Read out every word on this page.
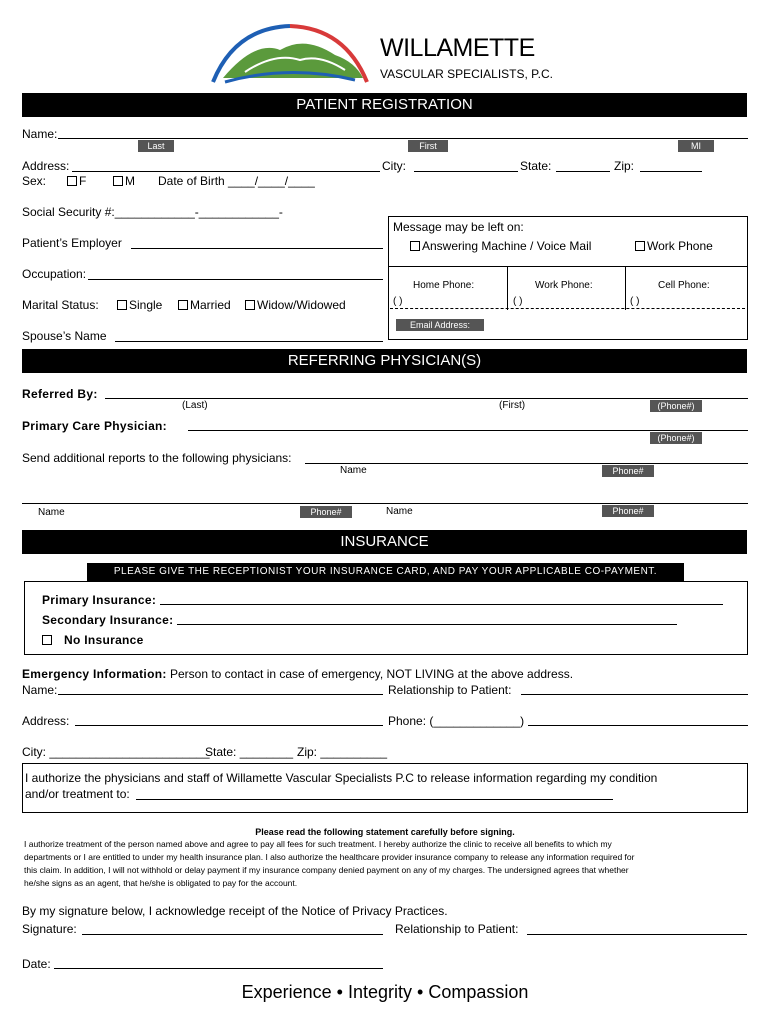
WILLAMETTE
VASCULAR SPECIALISTS, P.C.
PATIENT REGISTRATION
Name:
Last	First	MI
Address:	City:	State:	Zip:
Sex:	F	M Date of Birth ____/____/____
Social Security #:____________-____________-
Patient’s Employer
Occupation:
Marital Status:	Single	Married	Widow/Widowed
Spouse’s Name
Message may be left on:
Answering Machine / Voice Mail	Work Phone
Home Phone:	Work Phone:	Cell Phone:
( )	( )	( )
Email Address:
REFERRING PHYSICIAN(S)
Referred By:
(Last)	(First)	(Phone#)
Primary Care Physician:
(Phone#)
Send additional reports to the following physicians:
Name	Phone#
Name	Phone#	Name	Phone#
INSURANCE
PLEASE GIVE THE RECEPTIONIST YOUR INSURANCE CARD, AND PAY YOUR APPLICABLE CO-PAYMENT.
Primary Insurance:
Secondary Insurance:
No Insurance
Emergency Information: Person to contact in case of emergency, NOT LIVING at the above address.
Name:	Relationship to Patient:
Address:	Phone: (_____________)
City: ________________________
State: ________ Zip: __________
I authorize the physicians and staff of Willamette Vascular Specialists P.C to release information regarding my condition
and/or treatment to:
Please read the following statement carefully before signing.
I authorize treatment of the person named above and agree to pay all fees for such treatment. I hereby authorize the clinic to receive all benefits to which my
departments or I are entitled to under my health insurance plan. I also authorize the healthcare provider insurance company to release any information required for
this claim. In addition, I will not withhold or delay payment if my insurance company denied payment on any of my charges. The undersigned agrees that whether
he/she signs as an agent, that he/she is obligated to pay for the account.
By my signature below, I acknowledge receipt of the Notice of Privacy Practices.
Signature:	Relationship to Patient:
Date:
Experience • Integrity • Compassion
